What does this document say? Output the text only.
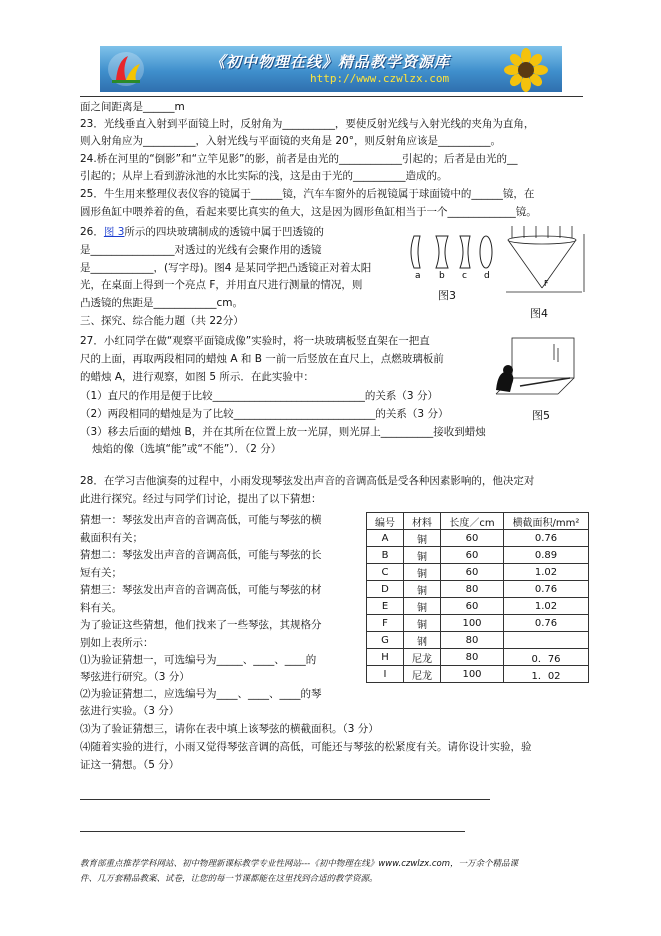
《初中物理在线》精品教学资源库
http://www.czwlzx.com
面之间距离是______m
23．光线垂直入射到平面镜上时，反射角为__________，要使反射光线与入射光线的夹角为直角，
则入射角应为__________，入射光线与平面镜的夹角是 20°，则反射角应该是__________。
24.桥在河里的“倒影”和“立竿见影”的影，前者是由光的____________引起的；后者是由光的__
引起的；从岸上看到游泳池的水比实际的浅，这是由于光的__________造成的。
25．牛生用来整理仪表仪容的镜属于______镜，汽车车窗外的后视镜属于球面镜中的______镜，在
圆形鱼缸中喂养着的鱼，看起来要比真实的鱼大，这是因为圆形鱼缸相当于一个_____________镜。
26．图 3所示的四块玻璃制成的透镜中属于凹透镜的
是________________对透过的光线有会聚作用的透镜
是____________，(写字母)。图4 是某同学把凸透镜正对着太阳
光，在桌面上得到一个亮点 F，并用直尺进行测量的情况，则
凸透镜的焦距是____________cm。
a b c d
图3
F
图4
三、探究、综合能力题（共 22分）
27．小红同学在做“观察平面镜成像”实验时，将一块玻璃板竖直架在一把直
尺的上面，再取两段相同的蜡烛 A 和 B 一前一后竖放在直尺上，点燃玻璃板前
的蜡烛 A，进行观察，如图 5 所示．在此实验中：
（1）直尺的作用是便于比较_____________________________的关系（3 分）
（2）两段相同的蜡烛是为了比较___________________________的关系（3 分）
（3）移去后面的蜡烛 B，并在其所在位置上放一光屏，则光屏上__________接收到蜡烛
烛焰的像（选填“能”或“不能”）．（2 分）
图5
28．在学习吉他演奏的过程中，小雨发现琴弦发出声音的音调高低是受各种因素影响的，他决定对
此进行探究。经过与同学们讨论，提出了以下猜想：
猜想一：琴弦发出声音的音调高低，可能与琴弦的横
截面积有关；
猜想二：琴弦发出声音的音调高低，可能与琴弦的长
短有关；
猜想三：琴弦发出声音的音调高低，可能与琴弦的材
料有关。
为了验证这些猜想，他们找来了一些琴弦，其规格分
别如上表所示：
⑴为验证猜想一，可选编号为_____、____、____的
琴弦进行研究。（3 分）
⑵为验证猜想二，应选编号为____、____、____的琴
弦进行实验。（3 分）
⑶为了验证猜想三，请你在表中填上该琴弦的横截面积。（3 分）
⑷随着实验的进行，小雨又觉得琴弦音调的高低，可能还与琴弦的松紧度有关。请你设计实验，验
证这一猜想。（5 分）
编号	材料	长度／cm	横截面积/mm²
A	铜	60	0.76
B	铜	60	0.89
C	铜	60	1.02
D	铜	80	0.76
E	铜	60	1.02
F	铜	100	0.76
G	钢	80	
H	尼龙	80	0．76
I	尼龙	100	1．02
教育部重点推荐学科网站、初中物理新课标教学专业性网站---《初中物理在线》www.czwlzx.com，一万余个精品课
件、几万套精品教案、试卷，让您的每一节课都能在这里找到合适的教学资源。
